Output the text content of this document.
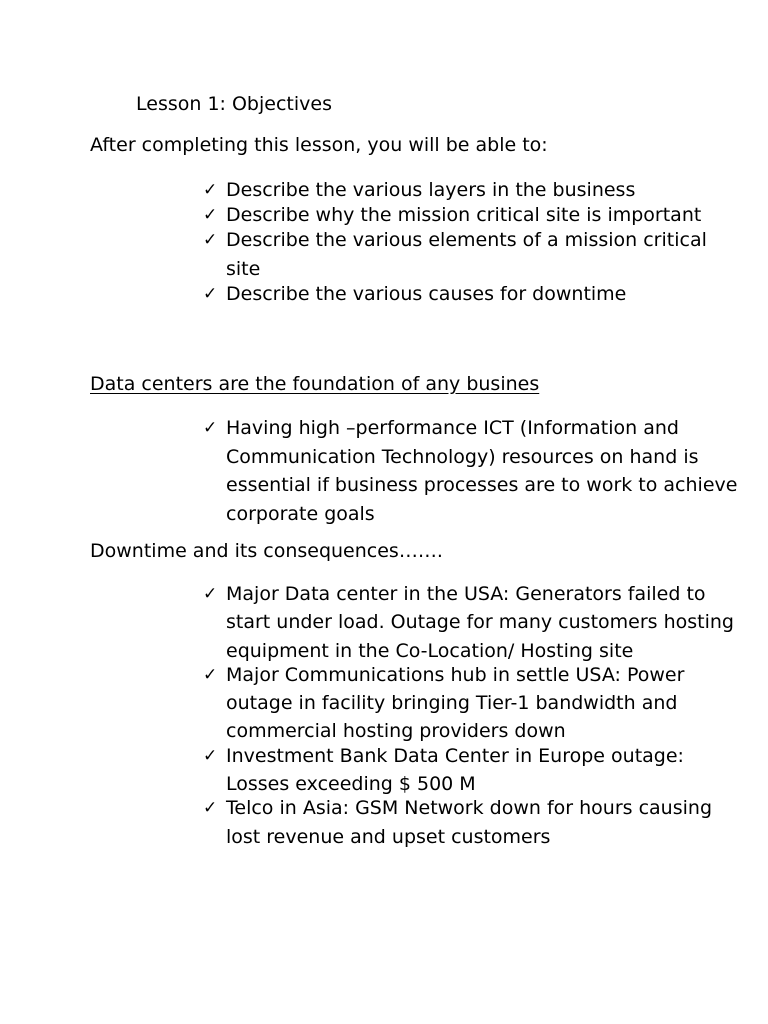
Lesson 1: Objectives
After completing this lesson, you will be able to:
✓ Describe the various layers in the business
✓ Describe why the mission critical site is important
✓ Describe the various elements of a mission critical site
✓ Describe the various causes for downtime
Data centers are the foundation of any busines
✓ Having high –performance ICT (Information and Communication Technology) resources on hand is essential if business processes are to work to achieve corporate goals
Downtime and its consequences…….
✓ Major Data center in the USA: Generators failed to start under load. Outage for many customers hosting equipment in the Co-Location/ Hosting site
✓ Major Communications hub in settle USA: Power outage in facility bringing Tier-1 bandwidth and commercial hosting providers down
✓ Investment Bank Data Center in Europe outage: Losses exceeding $ 500 M
✓ Telco in Asia: GSM Network down for hours causing lost revenue and upset customers
